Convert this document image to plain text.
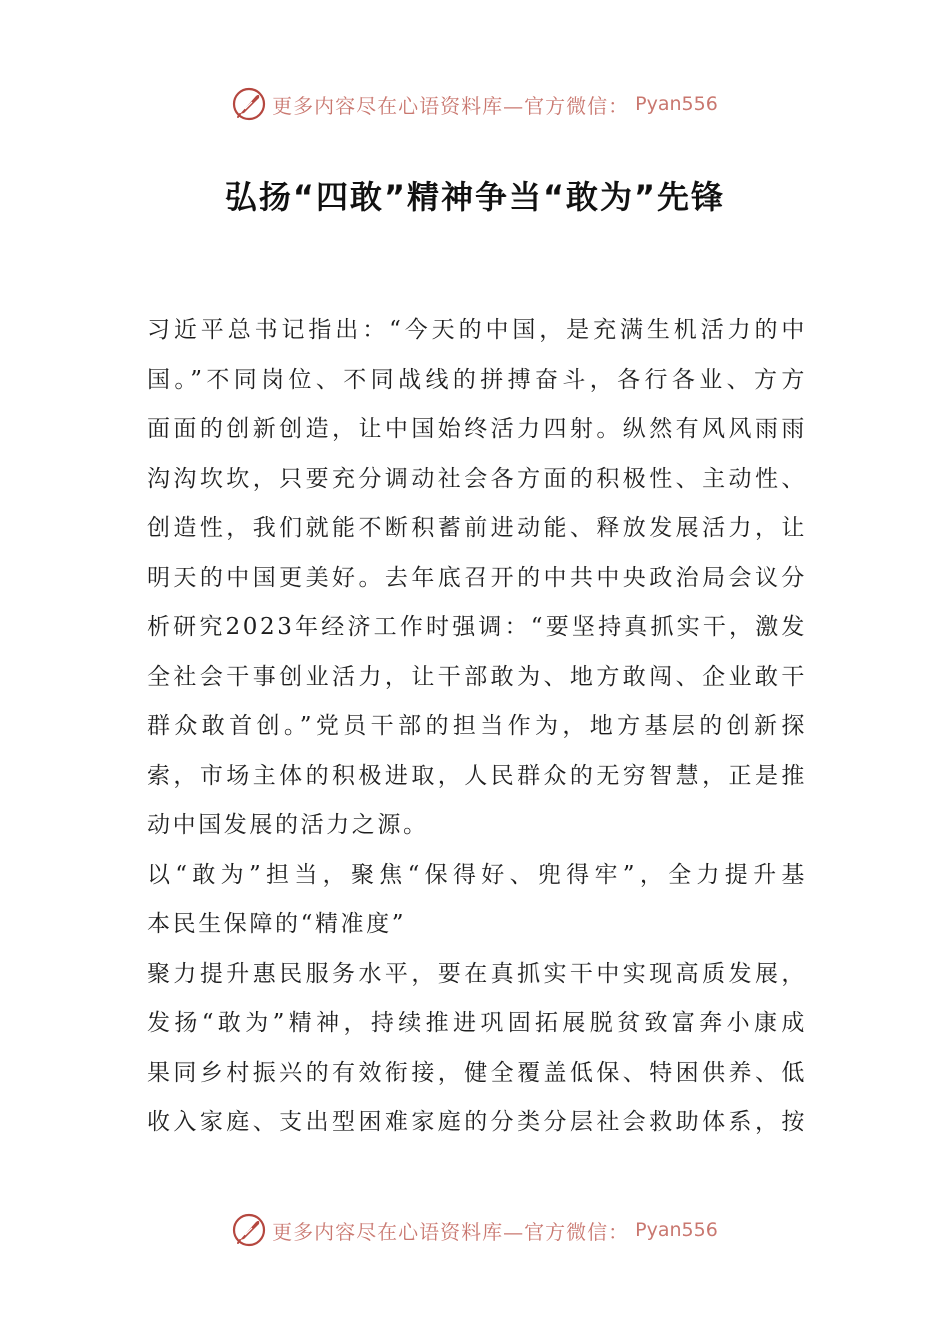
更多内容尽在心语资料库—官方微信： Pyan556
弘扬“四敢”精神争当“敢为”先锋
习近平总书记指出：“今天的中国，是充满生机活力的中
国。”不同岗位、不同战线的拼搏奋斗，各行各业、方方
面面的创新创造，让中国始终活力四射。纵然有风风雨雨
沟沟坎坎，只要充分调动社会各方面的积极性、主动性、
创造性，我们就能不断积蓄前进动能、释放发展活力，让
明天的中国更美好。去年底召开的中共中央政治局会议分
析研究2023年经济工作时强调：“要坚持真抓实干，激发
全社会干事创业活力，让干部敢为、地方敢闯、企业敢干
群众敢首创。”党员干部的担当作为，地方基层的创新探
索，市场主体的积极进取，人民群众的无穷智慧，正是推
动中国发展的活力之源。
以“敢为”担当，聚焦“保得好、兜得牢”，全力提升基
本民生保障的“精准度”
聚力提升惠民服务水平，要在真抓实干中实现高质发展，
发扬“敢为”精神，持续推进巩固拓展脱贫致富奔小康成
果同乡村振兴的有效衔接，健全覆盖低保、特困供养、低
收入家庭、支出型困难家庭的分类分层社会救助体系，按
更多内容尽在心语资料库—官方微信： Pyan556
